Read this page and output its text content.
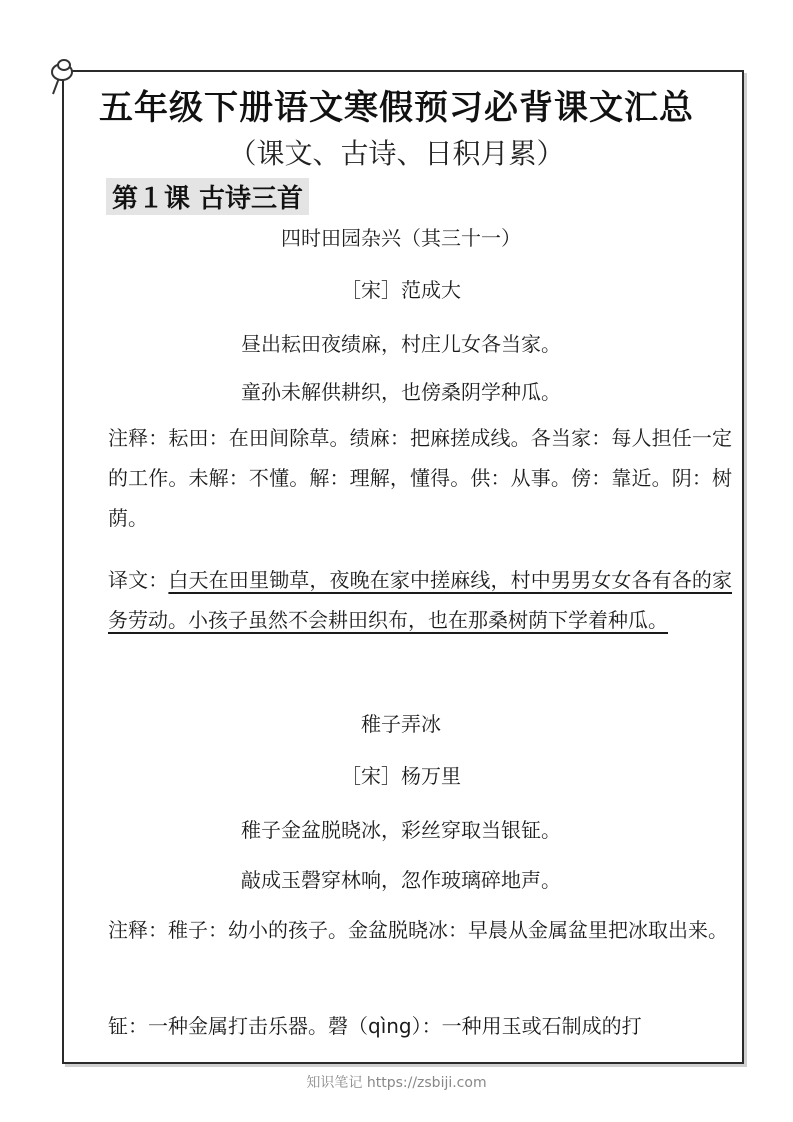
五年级下册语文寒假预习必背课文汇总

（课文、古诗、日积月累）

第１课 古诗三首

四时田园杂兴（其三十一）

［宋］范成大

昼出耘田夜绩麻，村庄儿女各当家。

童孙未解供耕织，也傍桑阴学种瓜。

注释：耘田：在田间除草。绩麻：把麻搓成线。各当家：每人担任一定的工作。未解：不懂。解：理解，懂得。供：从事。傍：靠近。阴：树荫。

译文：白天在田里锄草，夜晚在家中搓麻线，村中男男女女各有各的家务劳动。小孩子虽然不会耕田织布，也在那桑树荫下学着种瓜。

稚子弄冰

［宋］杨万里

稚子金盆脱晓冰，彩丝穿取当银钲。

敲成玉磬穿林响，忽作玻璃碎地声。

注释：稚子：幼小的孩子。金盆脱晓冰：早晨从金属盆里把冰取出来。

钲：一种金属打击乐器。磬（qìng）：一种用玉或石制成的打

知识笔记 https://zsbiji.com
